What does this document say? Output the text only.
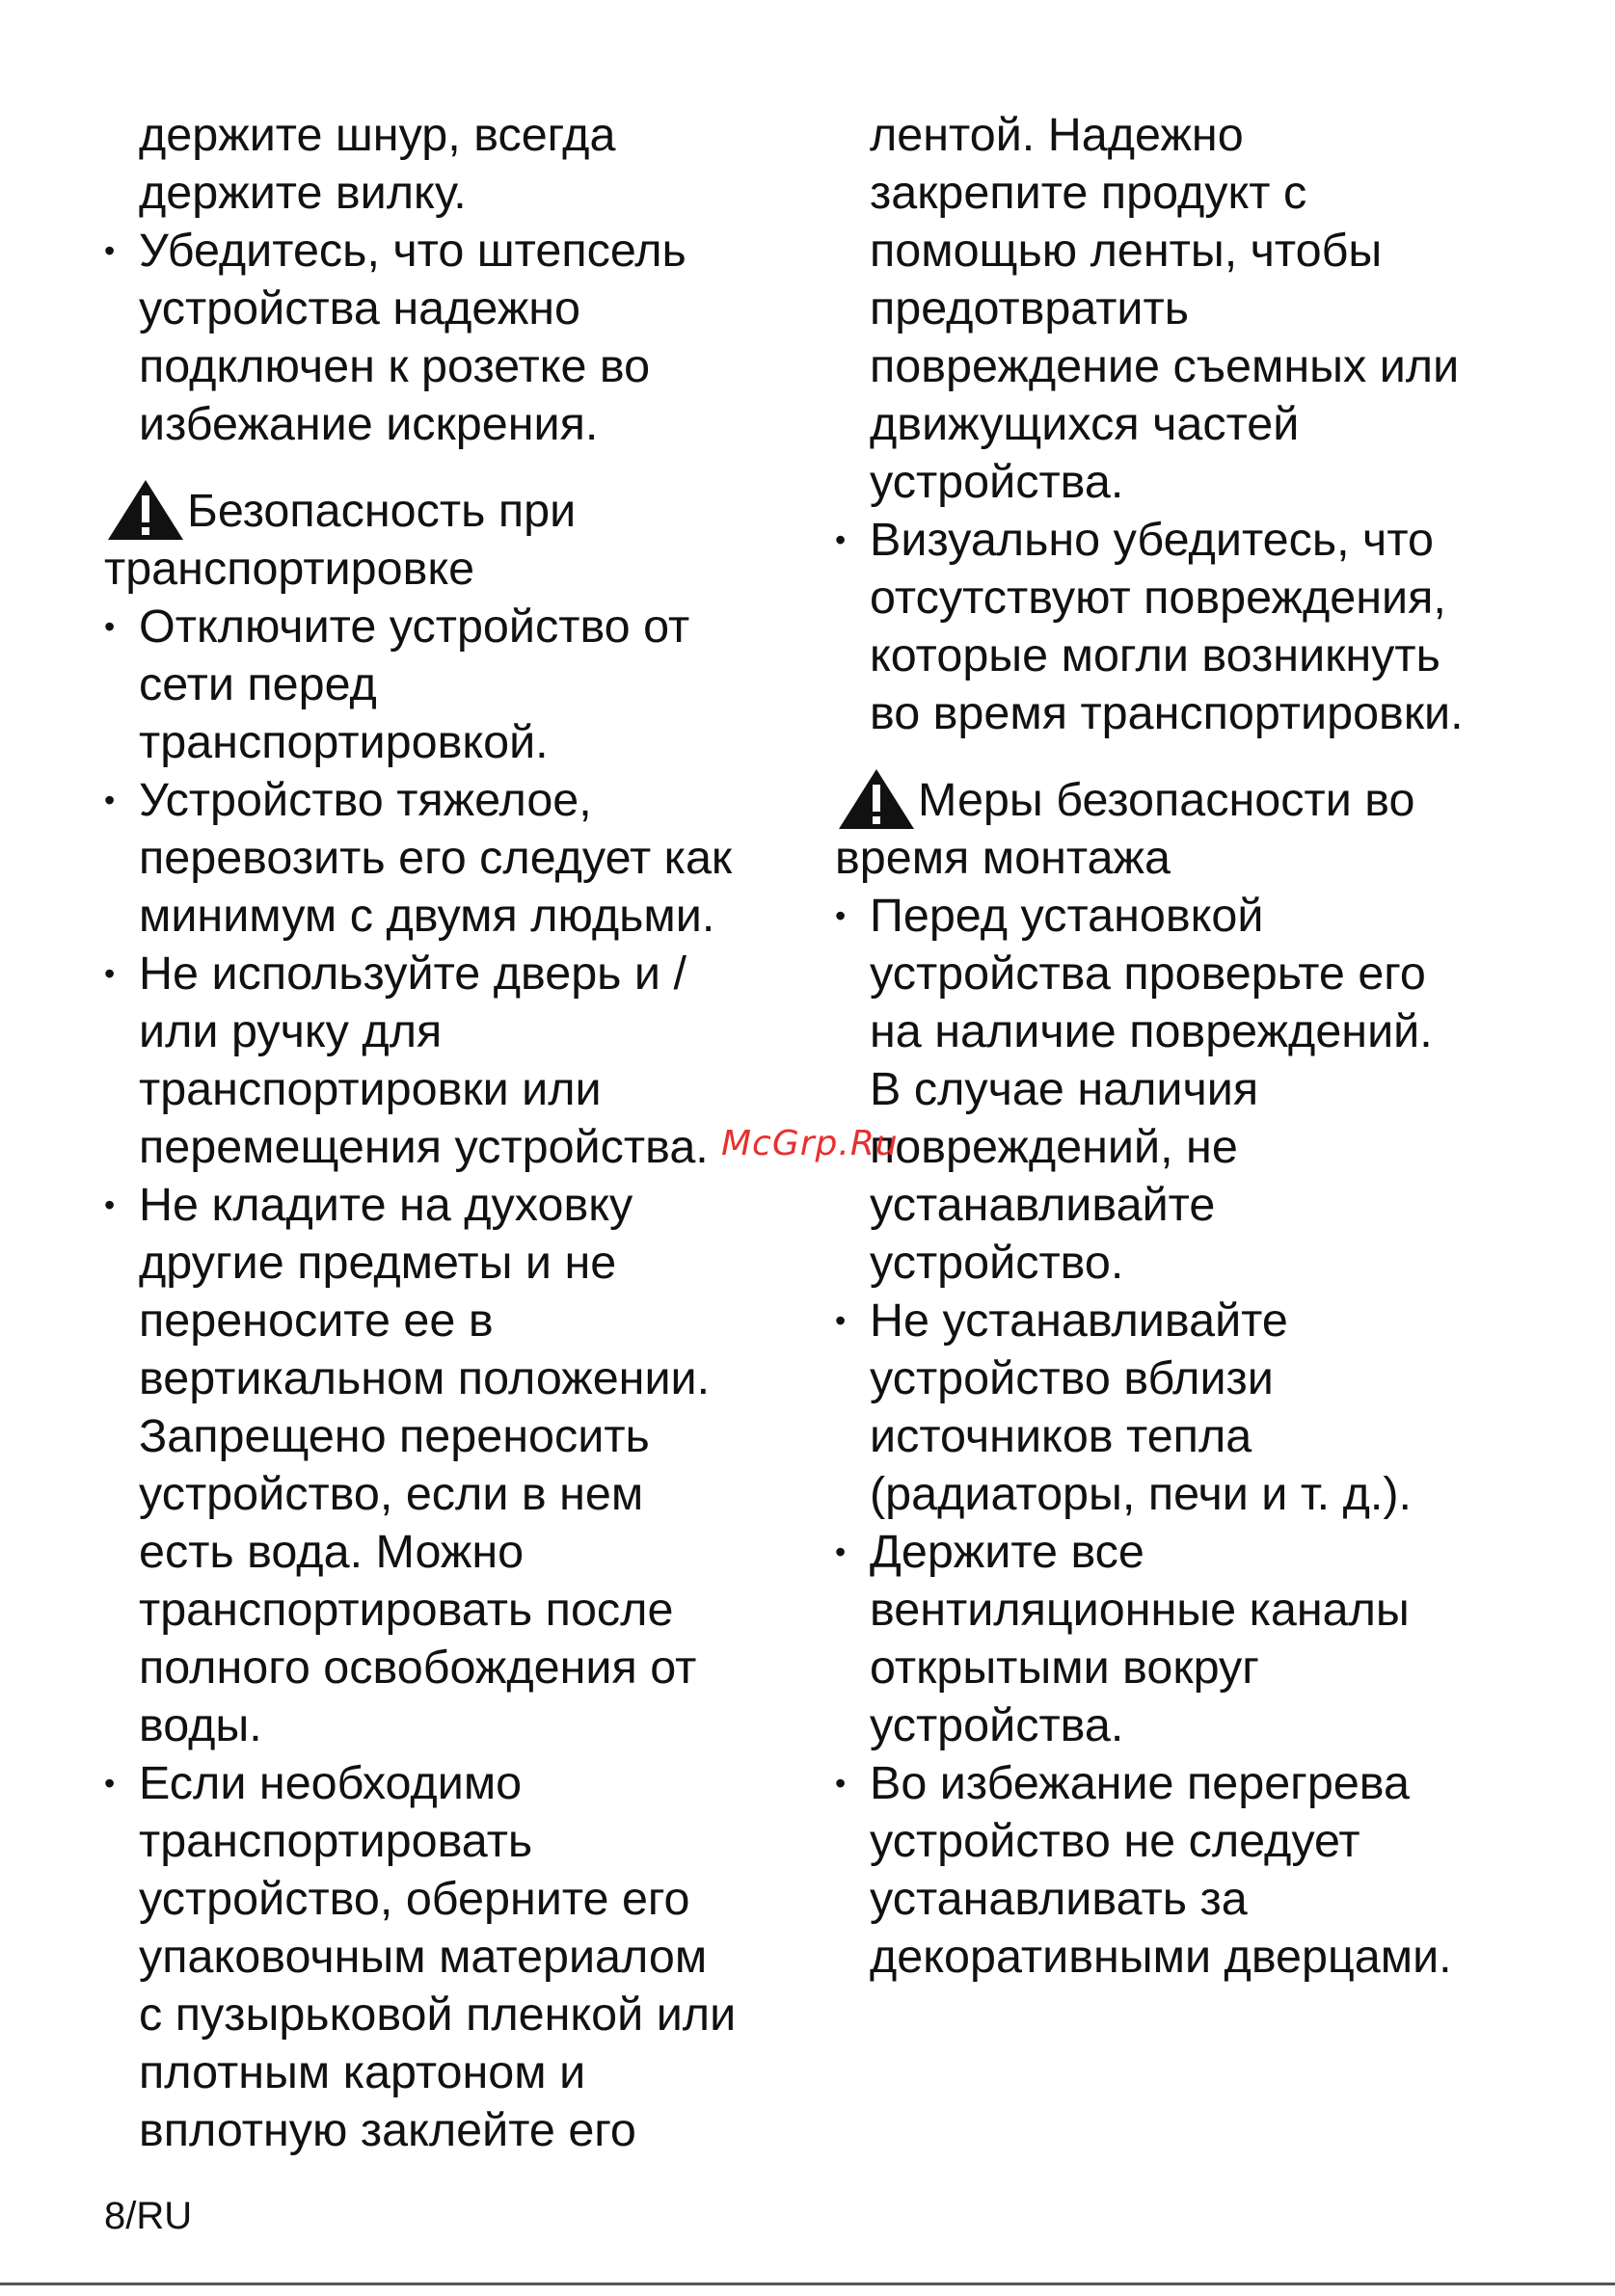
держите шнур, всегда
держите вилку.
• Убедитесь, что штепсель
устройства надежно
подключен к розетке во
избежание искрения.
Безопасность при
транспортировке
• Отключите устройство от
сети перед
транспортировкой.
• Устройство тяжелое,
перевозить его следует как
минимум с двумя людьми.
• Не используйте дверь и /
или ручку для
транспортировки или
перемещения устройства.
• Не кладите на духовку
другие предметы и не
переносите ее в
вертикальном положении.
Запрещено переносить
устройство, если в нем
есть вода. Можно
транспортировать после
полного освобождения от
воды.
• Если необходимо
транспортировать
устройство, оберните его
упаковочным материалом
с пузырьковой пленкой или
плотным картоном и
вплотную заклейте его
лентой. Надежно
закрепите продукт с
помощью ленты, чтобы
предотвратить
повреждение съемных или
движущихся частей
устройства.
• Визуально убедитесь, что
отсутствуют повреждения,
которые могли возникнуть
во время транспортировки.
Меры безопасности во
время монтажа
• Перед установкой
устройства проверьте его
на наличие повреждений.
В случае наличия
повреждений, не
устанавливайте
устройство.
• Не устанавливайте
устройство вблизи
источников тепла
(радиаторы, печи и т. д.).
• Держите все
вентиляционные каналы
открытыми вокруг
устройства.
• Во избежание перегрева
устройство не следует
устанавливать за
декоративными дверцами.
McGrp.Ru
8/RU
